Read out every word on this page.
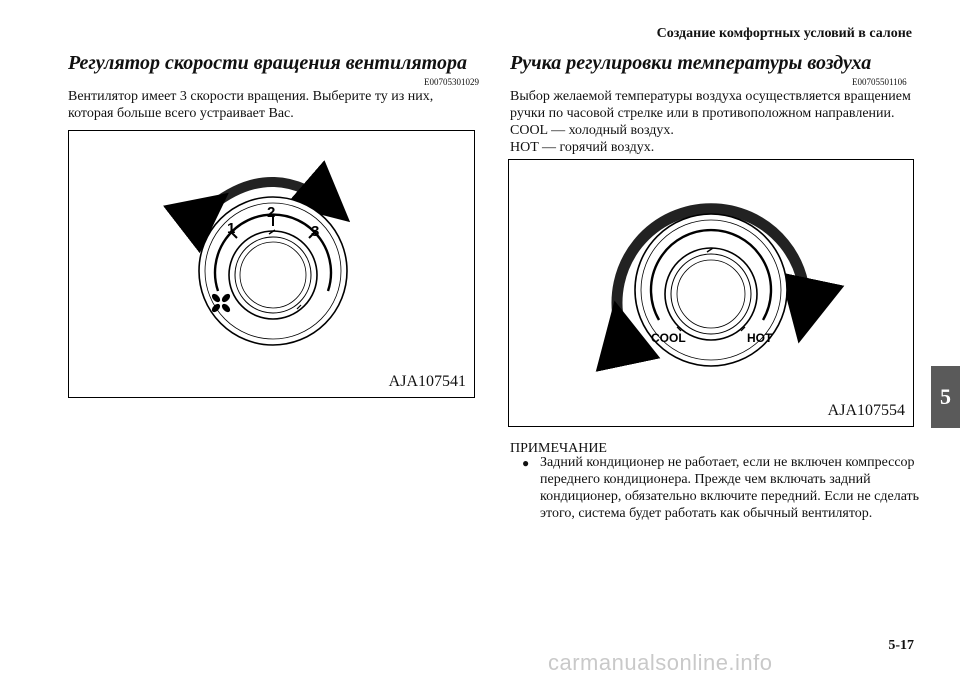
Создание комфортных условий в салоне
Регулятор скорости вращения вентилятора
E00705301029

Вентилятор имеет 3 скорости вращения. Выберите ту из них, которая больше всего устраивает Вас.

1
2
3
AJA107541
Ручка регулировки температуры воздуха
E00705501106

Выбор желаемой температуры воздуха осуществляется вращением ручки по часовой стрелке или в противоположном направлении.

COOL — холодный воздух.
HOT — горячий воздух.
COOL	HOT
AJA107554
ПРИМЕЧАНИЕ
● Задний кондиционер не работает, если не включен компрессор переднего кондиционера. Прежде чем включать задний кондиционер, обязательно включите передний. Если не сделать этого, система будет работать как обычный вентилятор.

5
5-17
carmanualsonline.info
